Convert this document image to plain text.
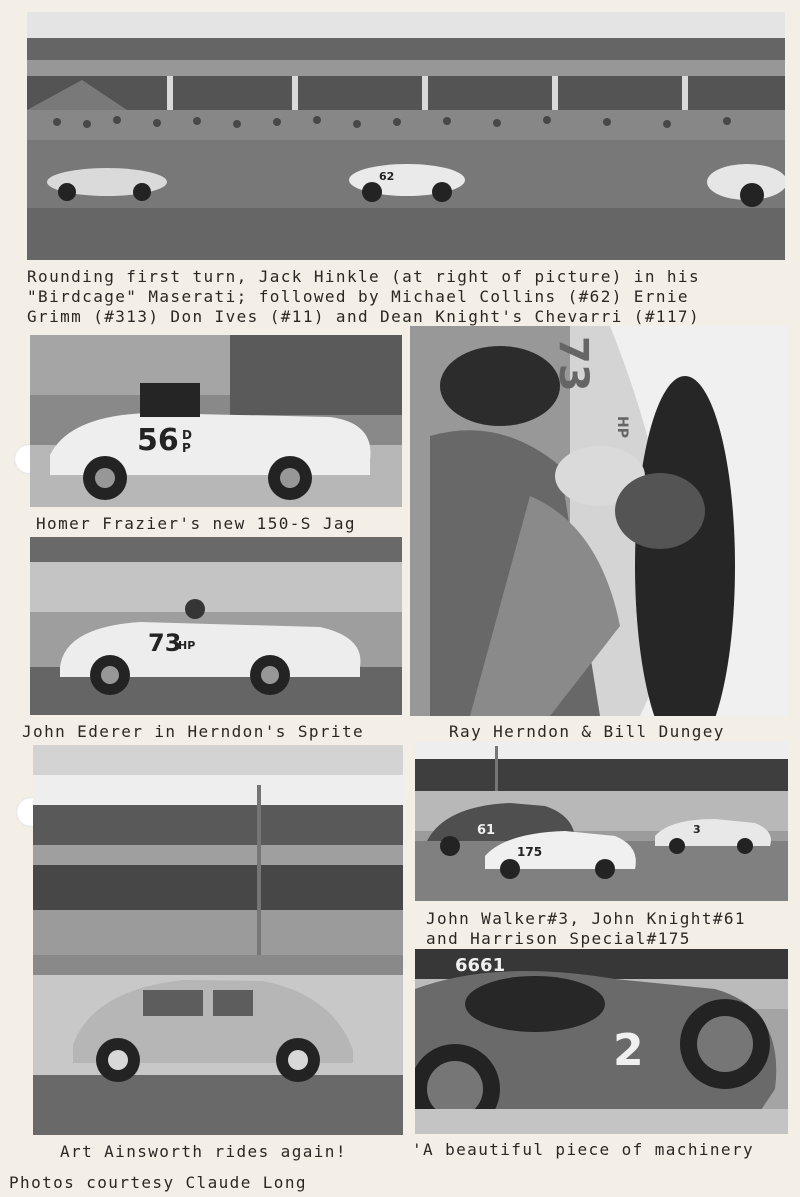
62
Rounding first turn, Jack Hinkle (at right of picture) in his
"Birdcage" Maserati; followed by Michael Collins (#62) Ernie
Grimm (#313) Don Ives (#11) and Dean Knight's Chevarri (#117)
56 DP
Homer Frazier's new 150-S Jag
73
HP
John Ederer in Herndon's Sprite
73
HP
Ray Herndon & Bill Dungey
Art Ainsworth rides again!
61
175
3
John Walker#3, John Knight#61
and Harrison Special#175
6661
2
'A beautiful piece of machinery
Photos courtesy Claude Long
